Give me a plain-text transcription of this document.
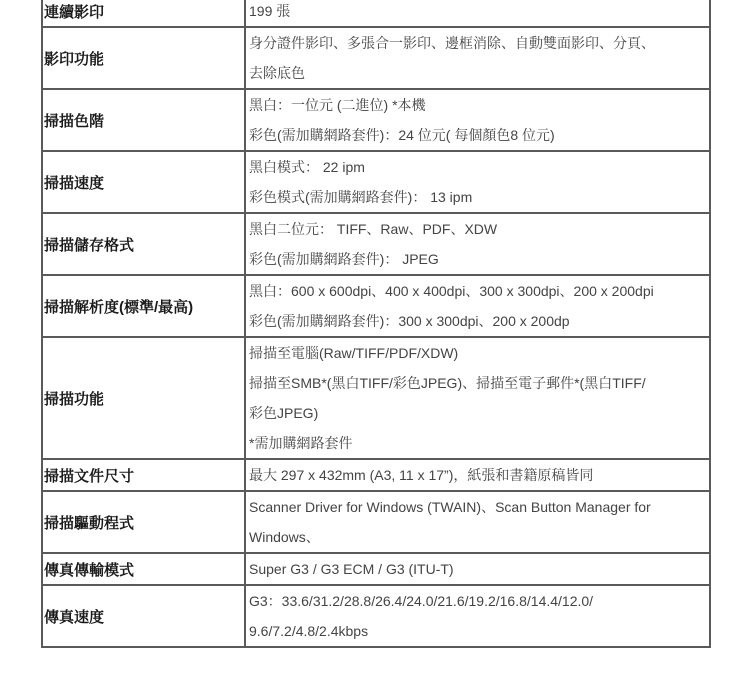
連續影印	199 張

影印功能	身分證件影印、多張合一影印、邊框消除、自動雙面影印、分頁、
去除底色

掃描色階	黑白：一位元 (二進位) *本機
彩色(需加購網路套件)：24 位元( 每個顏色8 位元)

掃描速度	黑白模式： 22 ipm
彩色模式(需加購網路套件)： 13 ipm

掃描儲存格式	黑白二位元： TIFF、Raw、PDF、XDW
彩色(需加購網路套件)： JPEG

掃描解析度(標準/最高)	黑白：600 x 600dpi、400 x 400dpi、300 x 300dpi、200 x 200dpi
彩色(需加購網路套件)：300 x 300dpi、200 x 200dp

掃描功能	掃描至電腦(Raw/TIFF/PDF/XDW)
掃描至SMB*(黑白TIFF/彩色JPEG)、掃描至電子郵件*(黑白TIFF/
彩色JPEG)
*需加購網路套件

掃描文件尺寸	最大 297 x 432mm (A3, 11 x 17”)，紙張和書籍原稿皆同

掃描驅動程式	Scanner Driver for Windows (TWAIN)、Scan Button Manager for
Windows、

傳真傳輸模式	Super G3 / G3 ECM / G3 (ITU-T)

傳真速度	G3：33.6/31.2/28.8/26.4/24.0/21.6/19.2/16.8/14.4/12.0/
9.6/7.2/4.8/2.4kbps
